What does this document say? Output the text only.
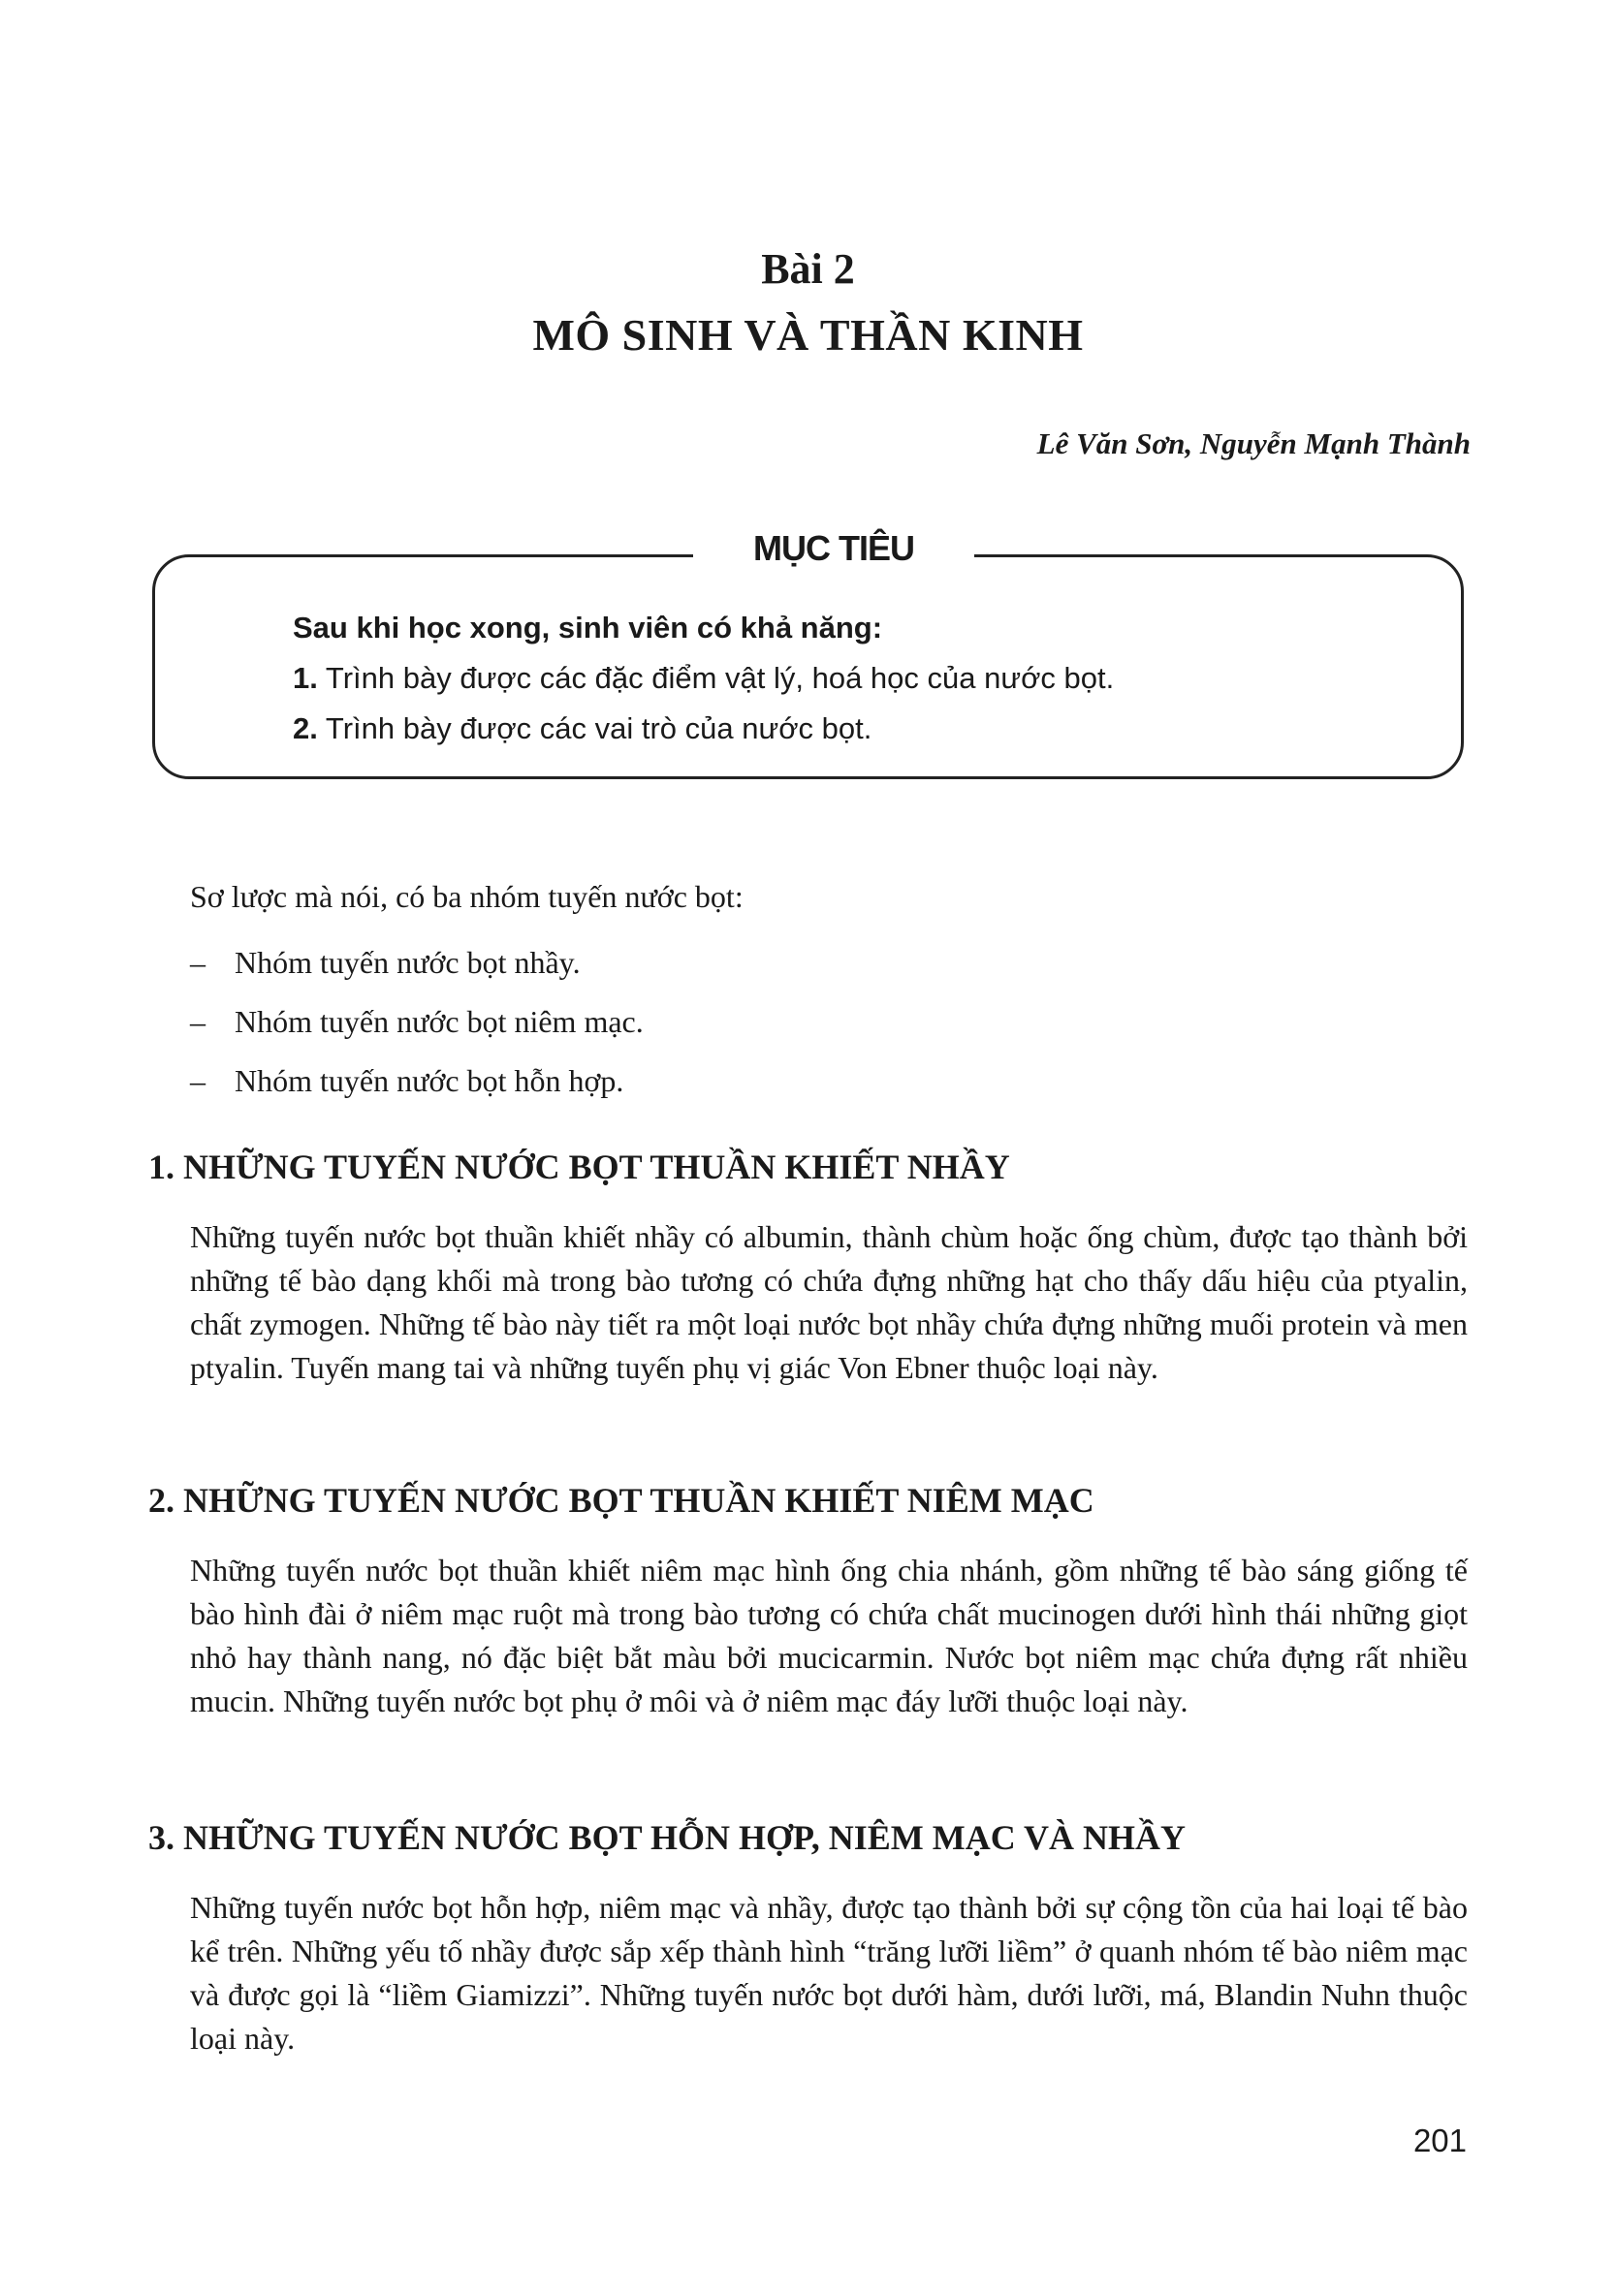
Bài 2
MÔ SINH VÀ THẦN KINH
Lê Văn Sơn, Nguyễn Mạnh Thành
MỤC TIÊU
Sau khi học xong, sinh viên có khả năng:
1. Trình bày được các đặc điểm vật lý, hoá học của nước bọt.
2. Trình bày được các vai trò của nước bọt.
Sơ lược mà nói, có ba nhóm tuyến nước bọt:
– Nhóm tuyến nước bọt nhầy.
– Nhóm tuyến nước bọt niêm mạc.
– Nhóm tuyến nước bọt hỗn hợp.
1. NHỮNG TUYẾN NƯỚC BỌT THUẦN KHIẾT NHẦY
Những tuyến nước bọt thuần khiết nhầy có albumin, thành chùm hoặc ống chùm, được tạo thành bởi những tế bào dạng khối mà trong bào tương có chứa đựng những hạt cho thấy dấu hiệu của ptyalin, chất zymogen. Những tế bào này tiết ra một loại nước bọt nhầy chứa đựng những muối protein và men ptyalin. Tuyến mang tai và những tuyến phụ vị giác Von Ebner thuộc loại này.
2. NHỮNG TUYẾN NƯỚC BỌT THUẦN KHIẾT NIÊM MẠC
Những tuyến nước bọt thuần khiết niêm mạc hình ống chia nhánh, gồm những tế bào sáng giống tế bào hình đài ở niêm mạc ruột mà trong bào tương có chứa chất mucinogen dưới hình thái những giọt nhỏ hay thành nang, nó đặc biệt bắt màu bởi mucicarmin. Nước bọt niêm mạc chứa đựng rất nhiều mucin. Những tuyến nước bọt phụ ở môi và ở niêm mạc đáy lưỡi thuộc loại này.
3. NHỮNG TUYẾN NƯỚC BỌT HỖN HỢP, NIÊM MẠC VÀ NHẦY
Những tuyến nước bọt hỗn hợp, niêm mạc và nhầy, được tạo thành bởi sự cộng tồn của hai loại tế bào kể trên. Những yếu tố nhầy được sắp xếp thành hình “trăng lưỡi liềm” ở quanh nhóm tế bào niêm mạc và được gọi là “liềm Giamizzi”. Những tuyến nước bọt dưới hàm, dưới lưỡi, má, Blandin Nuhn thuộc loại này.
201
